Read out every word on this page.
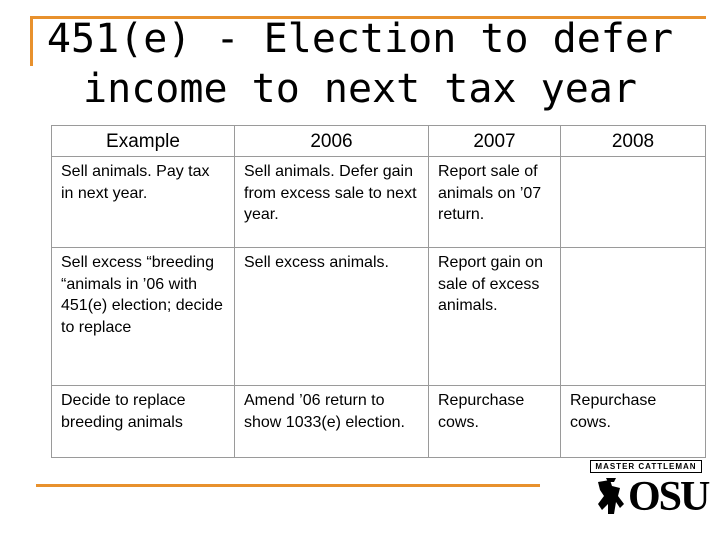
451(e) - Election to defer income to next tax year
Example	2006	2007	2008
Sell animals. Pay tax in next year.	Sell animals. Defer gain from excess sale to next year.	Report sale of animals on ’07 return.	
Sell excess “breeding “animals in ’06 with 451(e) election; decide to replace	Sell excess animals.	Report gain on sale of excess animals.	
Decide to replace breeding animals	Amend ’06 return to show 1033(e) election.	Repurchase cows.	Repurchase cows.
MASTER CATTLEMAN
OSU
